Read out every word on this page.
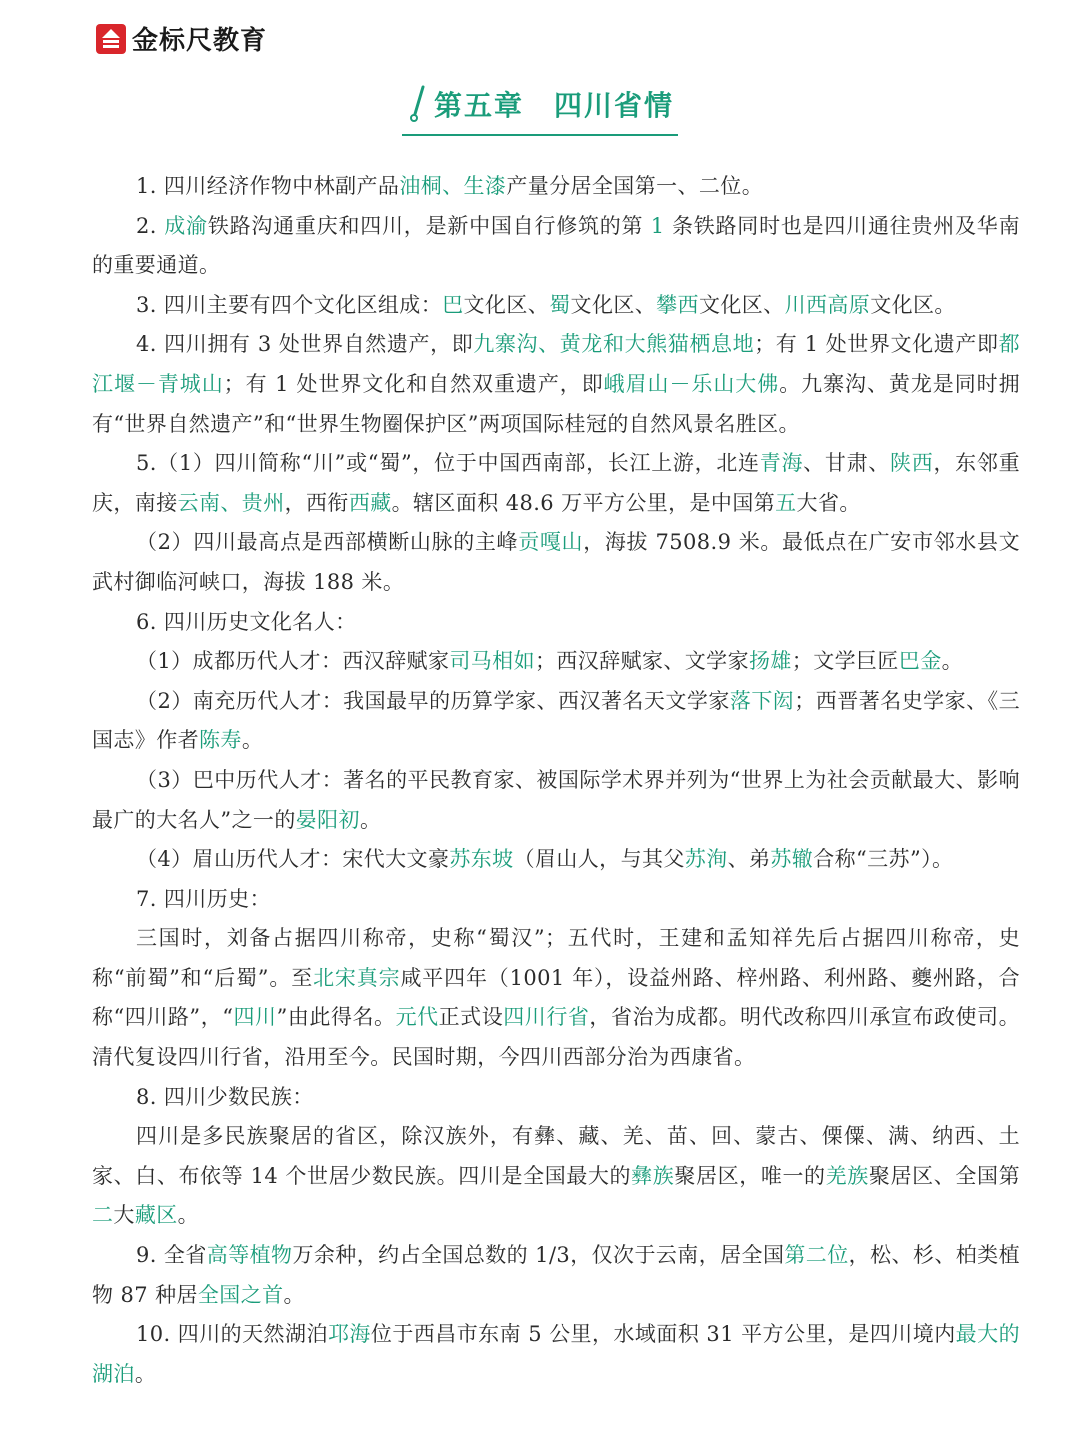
金标尺教育
第五章　四川省情

1. 四川经济作物中林副产品油桐、生漆产量分居全国第一、二位。

2. 成渝铁路沟通重庆和四川，是新中国自行修筑的第 1 条铁路同时也是四川通往贵州及华南的重要通道。

3. 四川主要有四个文化区组成：巴文化区、蜀文化区、攀西文化区、川西高原文化区。

4. 四川拥有 3 处世界自然遗产，即九寨沟、黄龙和大熊猫栖息地；有 1 处世界文化遗产即都江堰－青城山；有 1 处世界文化和自然双重遗产，即峨眉山－乐山大佛。九寨沟、黄龙是同时拥有“世界自然遗产”和“世界生物圈保护区”两项国际桂冠的自然风景名胜区。

5.（1）四川简称“川”或“蜀”，位于中国西南部，长江上游，北连青海、甘肃、陕西，东邻重庆，南接云南、贵州，西衔西藏。辖区面积 48.6 万平方公里，是中国第五大省。

（2）四川最高点是西部横断山脉的主峰贡嘎山，海拔 7508.9 米。最低点在广安市邻水县文武村御临河峡口，海拔 188 米。

6. 四川历史文化名人：

（1）成都历代人才：西汉辞赋家司马相如；西汉辞赋家、文学家扬雄；文学巨匠巴金。

（2）南充历代人才：我国最早的历算学家、西汉著名天文学家落下闳；西晋著名史学家、《三国志》作者陈寿。

（3）巴中历代人才：著名的平民教育家、被国际学术界并列为“世界上为社会贡献最大、影响最广的大名人”之一的晏阳初。

（4）眉山历代人才：宋代大文豪苏东坡（眉山人，与其父苏洵、弟苏辙合称“三苏”）。

7. 四川历史：

三国时，刘备占据四川称帝，史称“蜀汉”；五代时，王建和孟知祥先后占据四川称帝，史称“前蜀”和“后蜀”。至北宋真宗咸平四年（1001 年），设益州路、梓州路、利州路、夔州路，合称“四川路”，“四川”由此得名。元代正式设四川行省，省治为成都。明代改称四川承宣布政使司。清代复设四川行省，沿用至今。民国时期，今四川西部分治为西康省。

8. 四川少数民族：

四川是多民族聚居的省区，除汉族外，有彝、藏、羌、苗、回、蒙古、傈僳、满、纳西、土家、白、布依等 14 个世居少数民族。四川是全国最大的彝族聚居区，唯一的羌族聚居区、全国第二大藏区。

9. 全省高等植物万余种，约占全国总数的 1/3，仅次于云南，居全国第二位，松、杉、柏类植物 87 种居全国之首。

10. 四川的天然湖泊邛海位于西昌市东南 5 公里，水域面积 31 平方公里，是四川境内最大的湖泊。
